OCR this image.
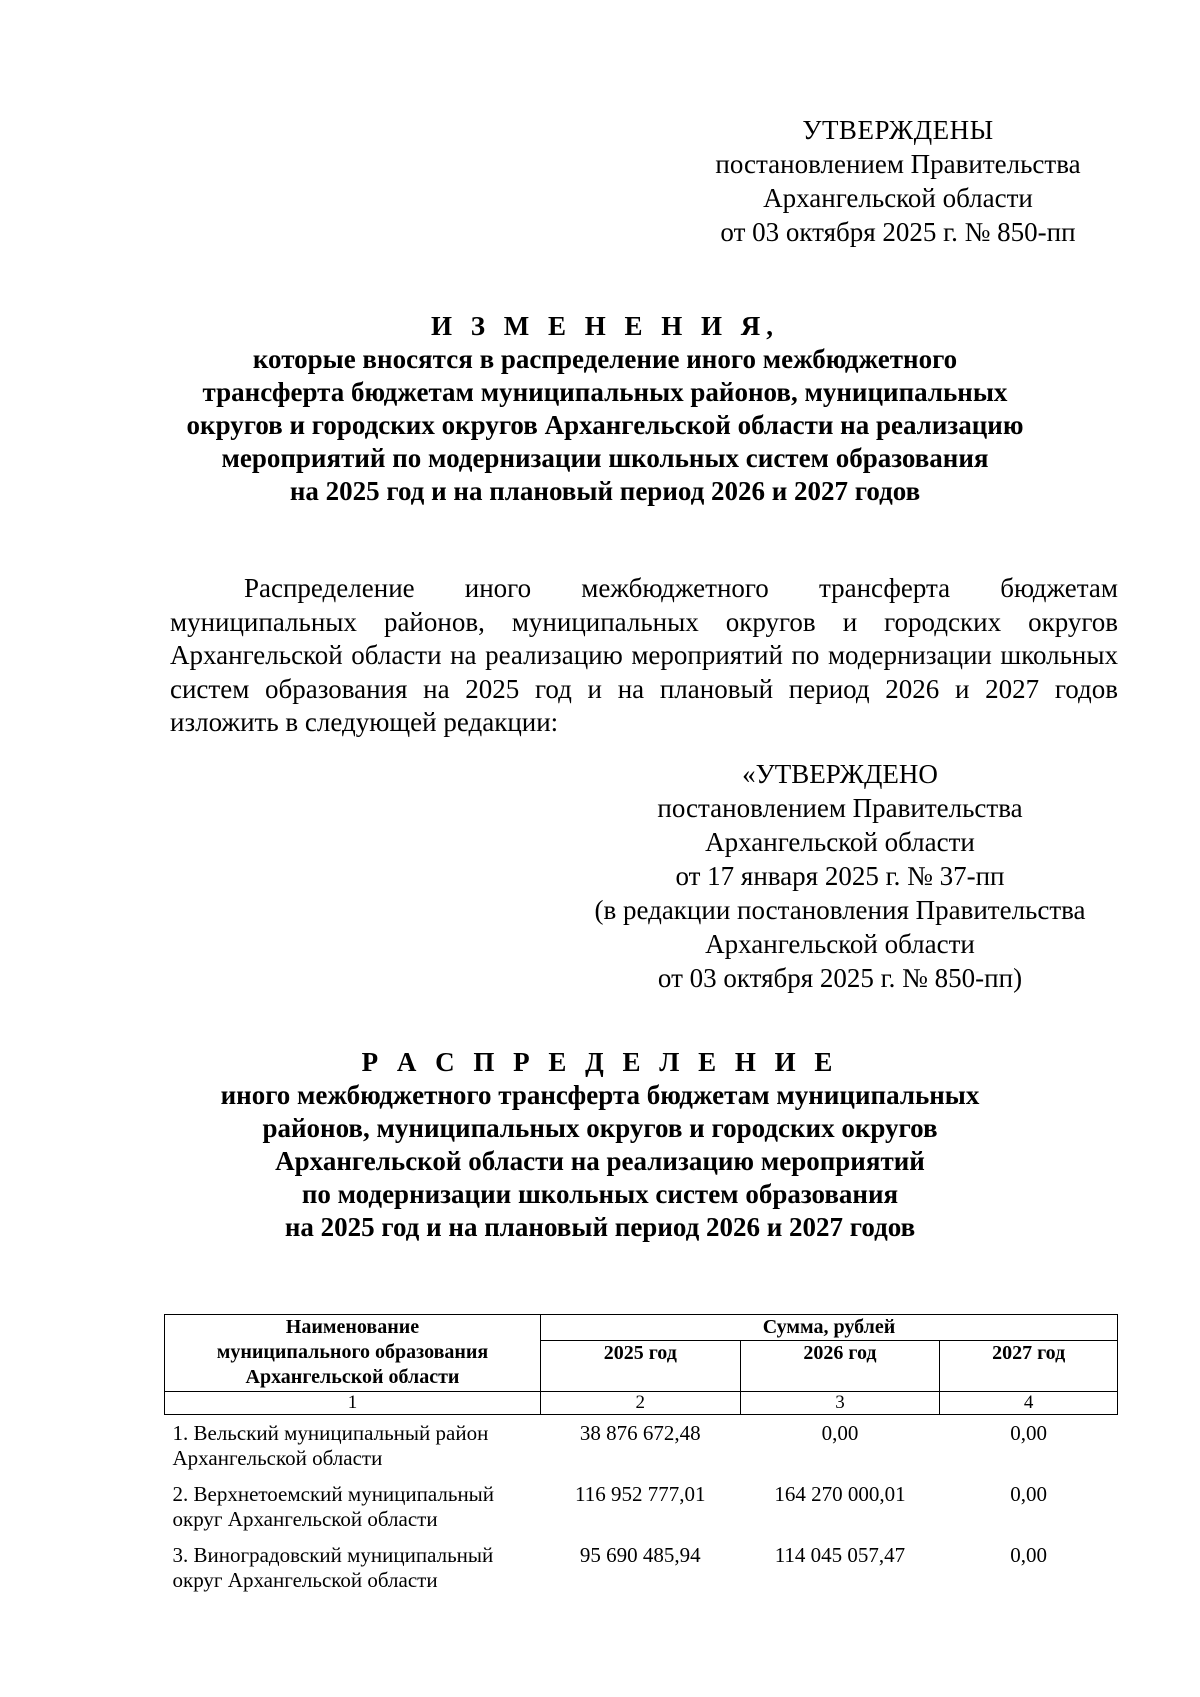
УТВЕРЖДЕНЫ
постановлением Правительства
Архангельской области
от 03 октября 2025 г. № 850-пп
И З М Е Н Е Н И Я,
которые вносятся в распределение иного межбюджетного
трансферта бюджетам муниципальных районов, муниципальных
округов и городских округов Архангельской области на реализацию
мероприятий по модернизации школьных систем образования
на 2025 год и на плановый период 2026 и 2027 годов
Распределение иного межбюджетного трансферта бюджетам муниципальных районов, муниципальных округов и городских округов Архангельской области на реализацию мероприятий по модернизации школьных систем образования на 2025 год и на плановый период 2026 и 2027 годов изложить в следующей редакции:
«УТВЕРЖДЕНО
постановлением Правительства
Архангельской области
от 17 января 2025 г. № 37-пп
(в редакции постановления Правительства
Архангельской области
от 03 октября 2025 г. № 850-пп)
Р А С П Р Е Д Е Л Е Н И Е
иного межбюджетного трансферта бюджетам муниципальных
районов, муниципальных округов и городских округов
Архангельской области на реализацию мероприятий
по модернизации школьных систем образования
на 2025 год и на плановый период 2026 и 2027 годов
Наименование
муниципального образования
Архангельской области	Сумма, рублей		
	2025 год	2026 год	2027 год
1	2	3	4

1. Вельский муниципальный район
Архангельской области	38 876 672,48	0,00	0,00

2. Верхнетоемский муниципальный
округ Архангельской области	116 952 777,01	164 270 000,01	0,00

3. Виноградовский муниципальный
округ Архангельской области	95 690 485,94	114 045 057,47	0,00
